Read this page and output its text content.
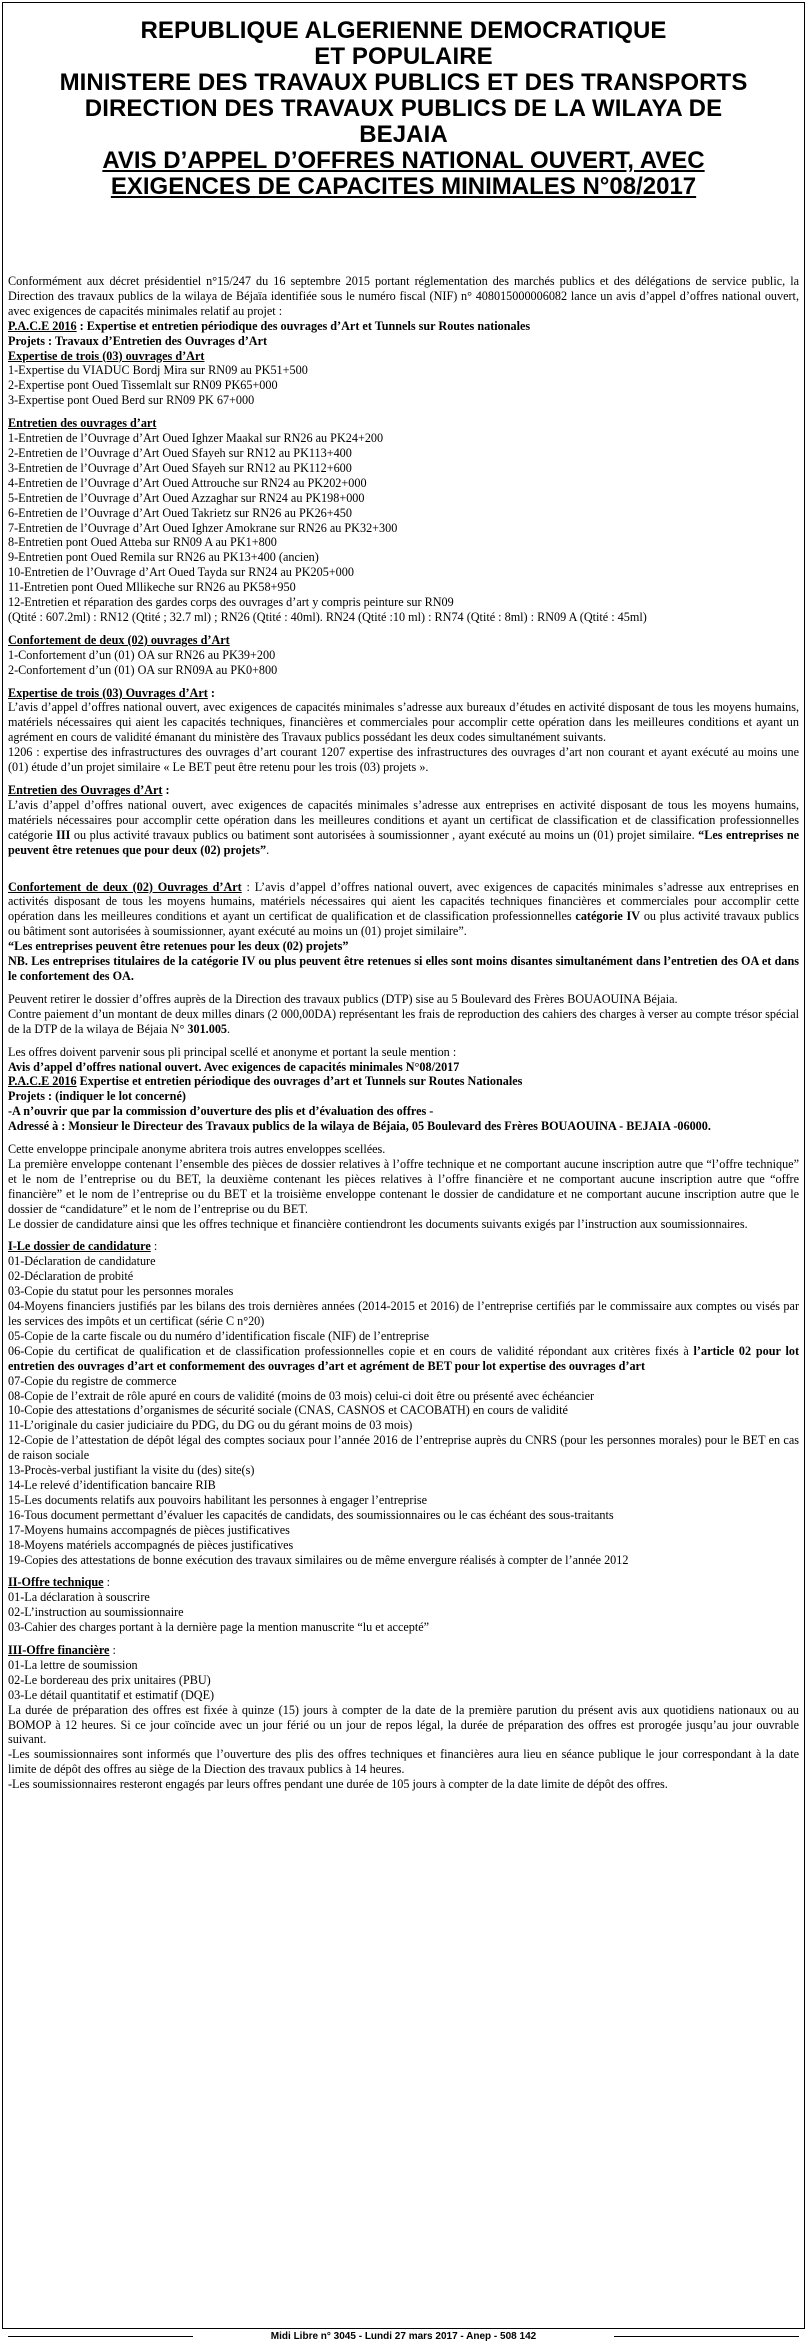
REPUBLIQUE ALGERIENNE DEMOCRATIQUE
ET POPULAIRE
MINISTERE DES TRAVAUX PUBLICS ET DES TRANSPORTS
DIRECTION DES TRAVAUX PUBLICS DE LA WILAYA DE
BEJAIA
AVIS D’APPEL D’OFFRES NATIONAL OUVERT, AVEC
EXIGENCES DE CAPACITES MINIMALES N°08/2017

Conformément aux décret présidentiel n°15/247 du 16 septembre 2015 portant réglementation des marchés publics et des délégations de service public, la Direction des travaux publics de la wilaya de Béjaïa identifiée sous le numéro fiscal (NIF) n° 408015000006082 lance un avis d’appel d’offres national ouvert, avec exigences de capacités minimales relatif au projet :

P.A.C.E 2016 : Expertise et entretien périodique des ouvrages d’Art et Tunnels sur Routes nationales

Projets : Travaux d’Entretien des Ouvrages d’Art

Expertise de trois (03) ouvrages d’Art

1-Expertise du VIADUC Bordj Mira sur RN09 au PK51+500

2-Expertise pont Oued Tissemlalt sur RN09 PK65+000

3-Expertise pont Oued Berd sur RN09 PK 67+000

Entretien des ouvrages d’art

1-Entretien de l’Ouvrage d’Art Oued Ighzer Maakal sur RN26 au PK24+200

2-Entretien de l’Ouvrage d’Art Oued Sfayeh sur RN12 au PK113+400

3-Entretien de l’Ouvrage d’Art Oued Sfayeh sur RN12 au PK112+600

4-Entretien de l’Ouvrage d’Art Oued Attrouche sur RN24 au PK202+000

5-Entretien de l’Ouvrage d’Art Oued Azzaghar sur RN24 au PK198+000

6-Entretien de l’Ouvrage d’Art Oued Takrietz sur RN26 au PK26+450

7-Entretien de l’Ouvrage d’Art Oued Ighzer Amokrane sur RN26 au PK32+300

8-Entretien pont Oued Atteba sur RN09 A au PK1+800

9-Entretien pont Oued Remila sur RN26 au PK13+400 (ancien)

10-Entretien de l’Ouvrage d’Art Oued Tayda sur RN24 au PK205+000

11-Entretien pont Oued Mllikeche sur RN26 au PK58+950

12-Entretien et réparation des gardes corps des ouvrages d’art y compris peinture sur RN09

(Qtité : 607.2ml) : RN12 (Qtité ; 32.7 ml) ; RN26 (Qtité : 40ml). RN24 (Qtité :10 ml) : RN74 (Qtité : 8ml) : RN09 A (Qtité : 45ml)

Confortement de deux (02) ouvrages d’Art

1-Confortement d’un (01) OA sur RN26 au PK39+200

2-Confortement d’un (01) OA sur RN09A au PK0+800

Expertise de trois (03) Ouvrages d’Art :

L’avis d’appel d’offres national ouvert, avec exigences de capacités minimales s’adresse aux bureaux d’études en activité disposant de tous les moyens humains, matériels nécessaires qui aient les capacités techniques, financières et commerciales pour accomplir cette opération dans les meilleures conditions et ayant un agrément en cours de validité émanant du ministère des Travaux publics possédant les deux codes simultanément suivants.

1206 : expertise des infrastructures des ouvrages d’art courant 1207 expertise des infrastructures des ouvrages d’art non courant et ayant exécuté au moins une (01) étude d’un projet similaire « Le BET peut être retenu pour les trois (03) projets ».

Entretien des Ouvrages d’Art :

L’avis d’appel d’offres national ouvert, avec exigences de capacités minimales s’adresse aux entreprises en activité disposant de tous les moyens humains, matériels nécessaires pour accomplir cette opération dans les meilleures conditions et ayant un certificat de classification et de classification professionnelles catégorie III ou plus activité travaux publics ou batiment sont autorisées à soumissionner , ayant exécuté au moins un (01) projet similaire. “Les entreprises ne peuvent être retenues que pour deux (02) projets”.

Confortement de deux (02) Ouvrages d’Art : L’avis d’appel d’offres national ouvert, avec exigences de capacités minimales s’adresse aux entreprises en activités disposant de tous les moyens humains, matériels nécessaires qui aient les capacités techniques financières et commerciales pour accomplir cette opération dans les meilleures conditions et ayant un certificat de qualification et de classification professionnelles catégorie IV ou plus activité travaux publics ou bâtiment sont autorisées à soumissionner, ayant exécuté au moins un (01) projet similaire”.

“Les entreprises peuvent être retenues pour les deux (02) projets”

NB. Les entreprises titulaires de la catégorie IV ou plus peuvent être retenues si elles sont moins disantes simultanément dans l’entretien des OA et dans le confortement des OA.

Peuvent retirer le dossier d’offres auprès de la Direction des travaux publics (DTP) sise au 5 Boulevard des Frères BOUAOUINA Béjaia.

Contre paiement d’un montant de deux milles dinars (2 000,00DA) représentant les frais de reproduction des cahiers des charges à verser au compte trésor spécial de la DTP de la wilaya de Béjaia N° 301.005.

Les offres doivent parvenir sous pli principal scellé et anonyme et portant la seule mention :

Avis d’appel d’offres national ouvert. Avec exigences de capacités minimales N°08/2017

P.A.C.E 2016 Expertise et entretien périodique des ouvrages d’art et Tunnels sur Routes Nationales

Projets : (indiquer le lot concerné)

-A n’ouvrir que par la commission d’ouverture des plis et d’évaluation des offres -

Adressé à : Monsieur le Directeur des Travaux publics de la wilaya de Béjaia, 05 Boulevard des Frères BOUAOUINA - BEJAIA -06000.

Cette enveloppe principale anonyme abritera trois autres enveloppes scellées.

La première enveloppe contenant l’ensemble des pièces de dossier relatives à l’offre technique et ne comportant aucune inscription autre que “l’offre technique” et le nom de l’entreprise ou du BET, la deuxième contenant les pièces relatives à l’offre financière et ne comportant aucune inscription autre que “offre financière” et le nom de l’entreprise ou du BET et la troisième enveloppe contenant le dossier de candidature et ne comportant aucune inscription autre que le dossier de “candidature” et le nom de l’entreprise ou du BET.

Le dossier de candidature ainsi que les offres technique et financière contiendront les documents suivants exigés par l’instruction aux soumissionnaires.

I-Le dossier de candidature :

01-Déclaration de candidature

02-Déclaration de probité

03-Copie du statut pour les personnes morales

04-Moyens financiers justifiés par les bilans des trois dernières années (2014-2015 et 2016) de l’entreprise certifiés par le commissaire aux comptes ou visés par les services des impôts et un certificat (série C n°20)

05-Copie de la carte fiscale ou du numéro d’identification fiscale (NIF) de l’entreprise

06-Copie du certificat de qualification et de classification professionnelles copie et en cours de validité répondant aux critères fixés à l’article 02 pour lot entretien des ouvrages d’art et conformement des ouvrages d’art et agrément de BET pour lot expertise des ouvrages d’art

07-Copie du registre de commerce

08-Copie de l’extrait de rôle apuré en cours de validité (moins de 03 mois) celui-ci doit être ou présenté avec échéancier

10-Copie des attestations d’organismes de sécurité sociale (CNAS, CASNOS et CACOBATH) en cours de validité

11-L’originale du casier judiciaire du PDG, du DG ou du gérant moins de 03 mois)

12-Copie de l’attestation de dépôt légal des comptes sociaux pour l’année 2016 de l’entreprise auprès du CNRS (pour les personnes morales) pour le BET en cas de raison sociale

13-Procès-verbal justifiant la visite du (des) site(s)

14-Le relevé d’identification bancaire RIB

15-Les documents relatifs aux pouvoirs habilitant les personnes à engager l’entreprise

16-Tous document permettant d’évaluer les capacités de candidats, des soumissionnaires ou le cas échéant des sous-traitants

17-Moyens humains accompagnés de pièces justificatives

18-Moyens matériels accompagnés de pièces justificatives

19-Copies des attestations de bonne exécution des travaux similaires ou de même envergure réalisés à compter de l’année 2012

II-Offre technique :

01-La déclaration à souscrire

02-L’instruction au soumissionnaire

03-Cahier des charges portant à la dernière page la mention manuscrite “lu et accepté”

III-Offre financière :

01-La lettre de soumission

02-Le bordereau des prix unitaires (PBU)

03-Le détail quantitatif et estimatif (DQE)

La durée de préparation des offres est fixée à quinze (15) jours à compter de la date de la première parution du présent avis aux quotidiens nationaux ou au BOMOP à 12 heures. Si ce jour coïncide avec un jour férié ou un jour de repos légal, la durée de préparation des offres est prorogée jusqu’au jour ouvrable suivant.

-Les soumissionnaires sont informés que l’ouverture des plis des offres techniques et financières aura lieu en séance publique le jour correspondant à la date limite de dépôt des offres au siège de la Diection des travaux publics à 14 heures.

-Les soumissionnaires resteront engagés par leurs offres pendant une durée de 105 jours à compter de la date limite de dépôt des offres.

Midi Libre n° 3045 - Lundi 27 mars 2017 - Anep - 508 142
